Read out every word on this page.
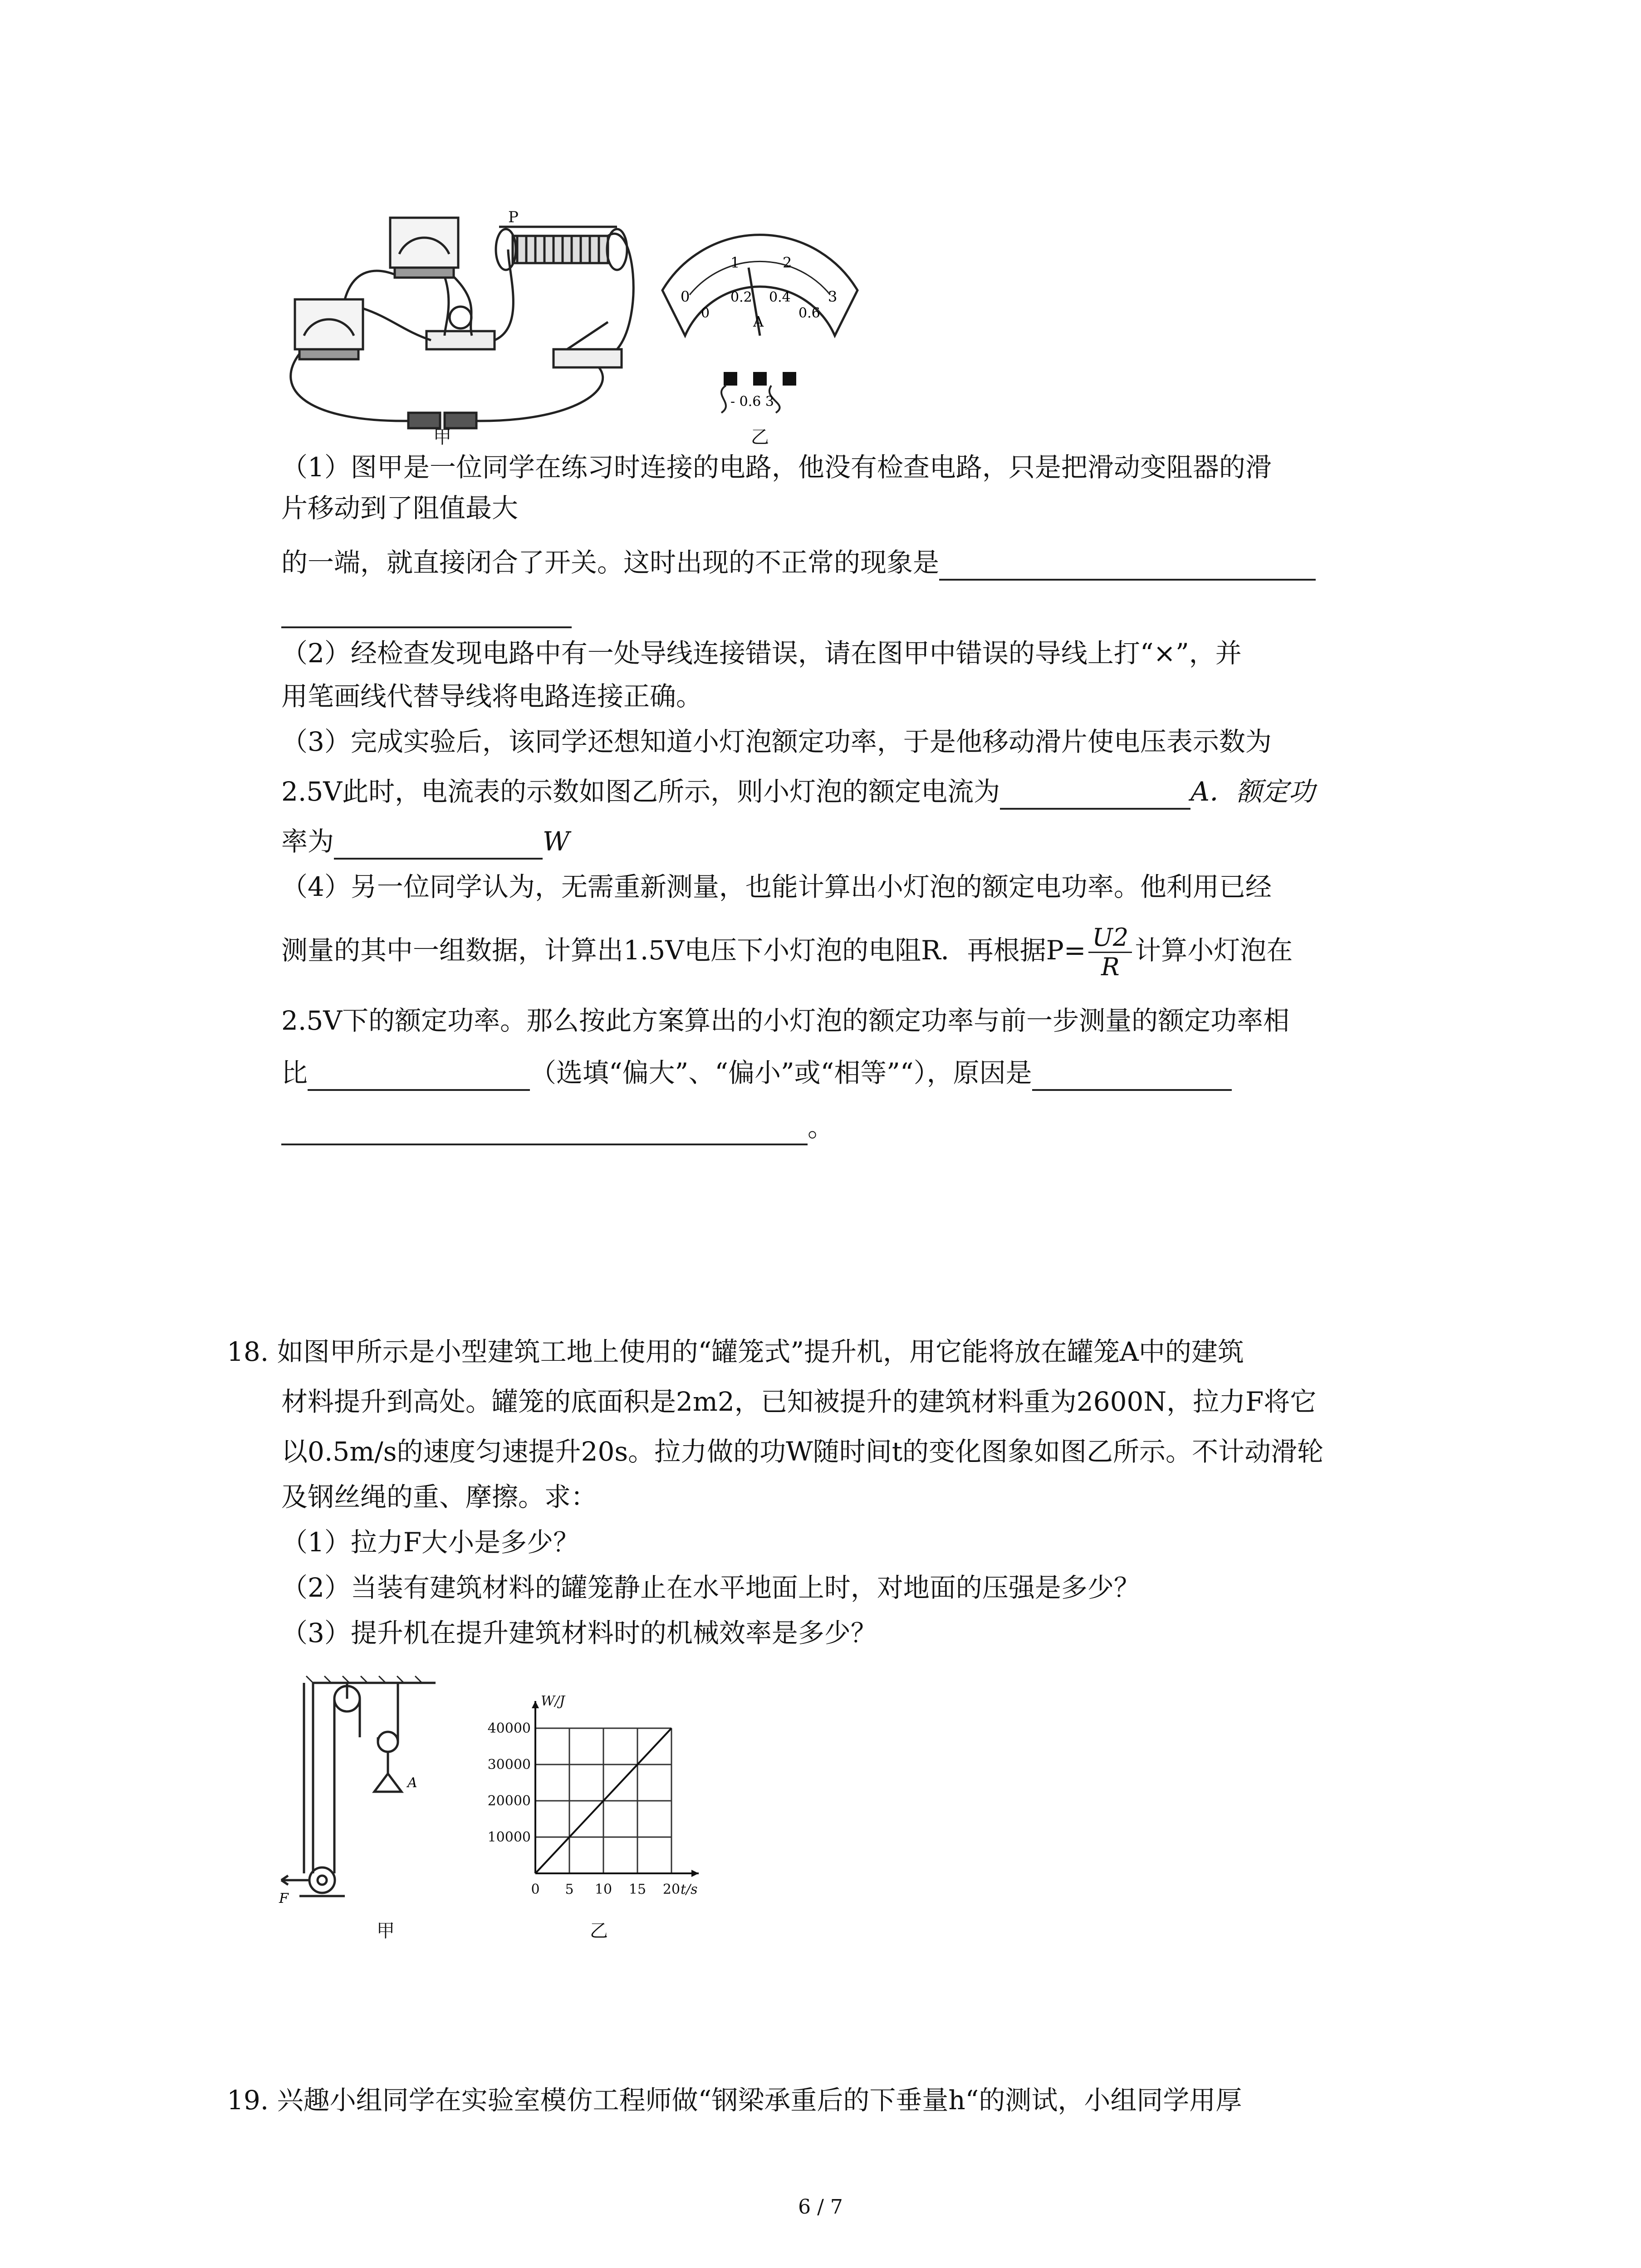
P
0
1	2
3
0
0.2 0.4
0.6
A
- 0.6 3
甲	乙
（1）图甲是一位同学在练习时连接的电路，他没有检查电路，只是把滑动变阻器的滑
片移动到了阻值最大
的一端，就直接闭合了开关。这时出现的不正常的现象是
（2）经检查发现电路中有一处导线连接错误，请在图甲中错误的导线上打“×”，并
用笔画线代替导线将电路连接正确。
（3）完成实验后，该同学还想知道小灯泡额定功率，于是他移动滑片使电压表示数为
2.5V此时，电流表的示数如图乙所示，则小灯泡的额定电流为	A．额定功
率为	W
（4）另一位同学认为，无需重新测量，也能计算出小灯泡的额定电功率。他利用已经
测量的其中一组数据，计算出1.5V电压下小灯泡的电阻R．再根据$P= \frac{U2}{R}$ 计算小灯泡在
2.5V下的额定功率。那么按此方案算出的小灯泡的额定功率与前一步测量的额定功率相
比	（选填“偏大”、“偏小”或“相等”“），原因是
。
18. 如图甲所示是小型建筑工地上使用的“罐笼式”提升机，用它能将放在罐笼A中的建筑
材料提升到高处。罐笼的底面积是2m2，已知被提升的建筑材料重为2600N，拉力F将它
以0.5m/s的速度匀速提升20s。拉力做的功W随时间t的变化图象如图乙所示。不计动滑轮
及钢丝绳的重、摩擦。求：
（1）拉力F大小是多少？
（2）当装有建筑材料的罐笼静止在水平地面上时，对地面的压强是多少？
（3）提升机在提升建筑材料时的机械效率是多少？
A
F
甲
0 5 10 15 20
10000
20000
30000
40000
W/J
t/s
乙
19. 兴趣小组同学在实验室模仿工程师做“钢梁承重后的下垂量h“的测试，小组同学用厚
6 / 7
